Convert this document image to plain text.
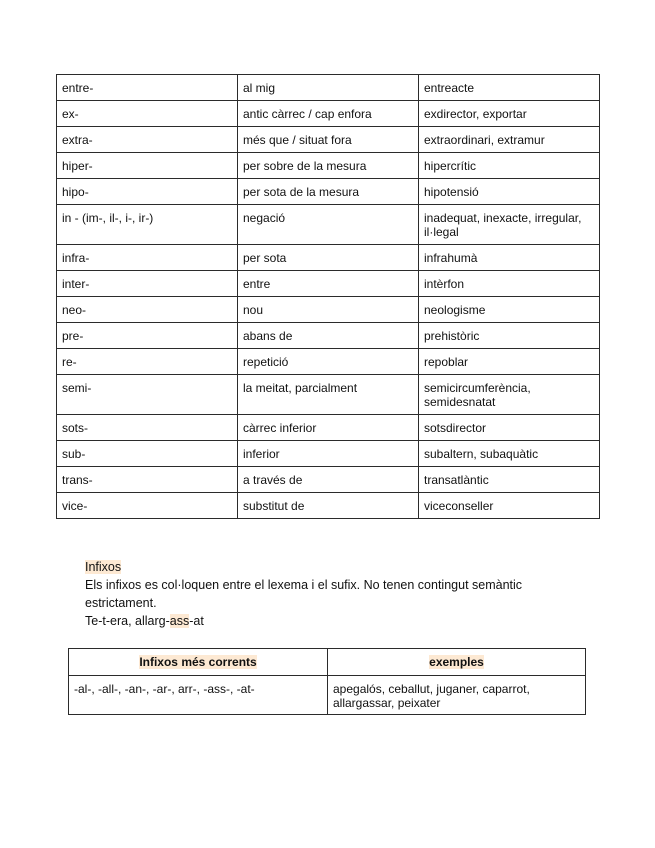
entre-	al mig	entreacte
ex-	antic càrrec / cap enfora	exdirector, exportar
extra-	més que / situat fora	extraordinari, extramur
hiper-	per sobre de la mesura	hipercrític
hipo-	per sota de la mesura	hipotensió
in - (im-, il-, i-, ir-)	negació	inadequat, inexacte, irregular, il·legal
infra-	per sota	infrahumà
inter-	entre	intèrfon
neo-	nou	neologisme
pre-	abans de	prehistòric
re-	repetició	repoblar
semi-	la meitat, parcialment	semicircumferència, semidesnatat
sots-	càrrec inferior	sotsdirector
sub-	inferior	subaltern, subaquàtic
trans-	a través de	transatlàntic
vice-	substitut de	viceconseller
Infixos
Els infixos es col·loquen entre el lexema i el sufix. No tenen contingut semàntic estrictament.
Te-t-era, allarg-ass-at
Infixos més corrents	exemples
-al-, -all-, -an-, -ar-, arr-, -ass-, -at-	apegalós, ceballut, juganer, caparrot, allargassar, peixater
